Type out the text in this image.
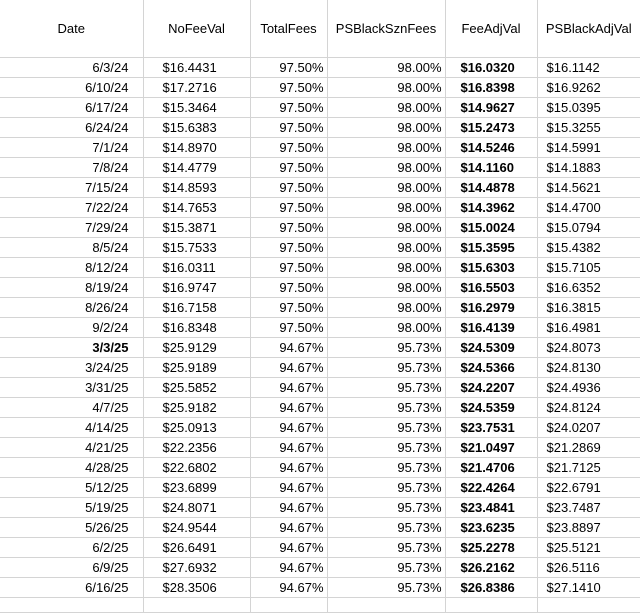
Date	NoFeeVal	TotalFees	PSBlackSznFees	FeeAdjVal	PSBlackAdjVal
6/3/24	$16.4431	97.50%	98.00%	$16.0320	$16.1142
6/10/24	$17.2716	97.50%	98.00%	$16.8398	$16.9262
6/17/24	$15.3464	97.50%	98.00%	$14.9627	$15.0395
6/24/24	$15.6383	97.50%	98.00%	$15.2473	$15.3255
7/1/24	$14.8970	97.50%	98.00%	$14.5246	$14.5991
7/8/24	$14.4779	97.50%	98.00%	$14.1160	$14.1883
7/15/24	$14.8593	97.50%	98.00%	$14.4878	$14.5621
7/22/24	$14.7653	97.50%	98.00%	$14.3962	$14.4700
7/29/24	$15.3871	97.50%	98.00%	$15.0024	$15.0794
8/5/24	$15.7533	97.50%	98.00%	$15.3595	$15.4382
8/12/24	$16.0311	97.50%	98.00%	$15.6303	$15.7105
8/19/24	$16.9747	97.50%	98.00%	$16.5503	$16.6352
8/26/24	$16.7158	97.50%	98.00%	$16.2979	$16.3815
9/2/24	$16.8348	97.50%	98.00%	$16.4139	$16.4981
3/3/25	$25.9129	94.67%	95.73%	$24.5309	$24.8073
3/24/25	$25.9189	94.67%	95.73%	$24.5366	$24.8130
3/31/25	$25.5852	94.67%	95.73%	$24.2207	$24.4936
4/7/25	$25.9182	94.67%	95.73%	$24.5359	$24.8124
4/14/25	$25.0913	94.67%	95.73%	$23.7531	$24.0207
4/21/25	$22.2356	94.67%	95.73%	$21.0497	$21.2869
4/28/25	$22.6802	94.67%	95.73%	$21.4706	$21.7125
5/12/25	$23.6899	94.67%	95.73%	$22.4264	$22.6791
5/19/25	$24.8071	94.67%	95.73%	$23.4841	$23.7487
5/26/25	$24.9544	94.67%	95.73%	$23.6235	$23.8897
6/2/25	$26.6491	94.67%	95.73%	$25.2278	$25.5121
6/9/25	$27.6932	94.67%	95.73%	$26.2162	$26.5116
6/16/25	$28.3506	94.67%	95.73%	$26.8386	$27.1410
